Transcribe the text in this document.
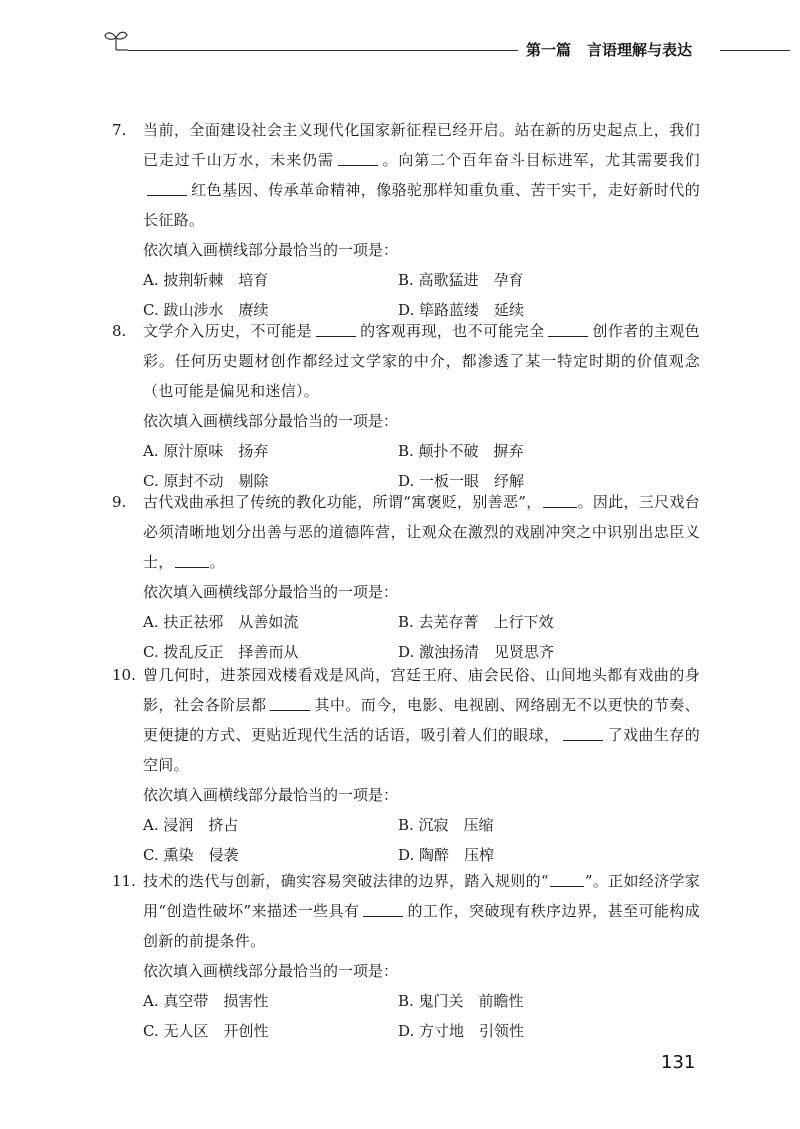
第一篇 言语理解与表达
7. 当前，全面建设社会主义现代化国家新征程已经开启。站在新的历史起点上，我们已走过千山万水，未来仍需	。向第二个百年奋斗目标进军，尤其需要我们红色基因、传承革命精神，像骆驼那样知重负重、苦干实干，走好新时代的长征路。
依次填入画横线部分最恰当的一项是：
A. 披荆斩棘　培育	B. 高歌猛进　孕育
C. 跋山涉水　赓续	D. 筚路蓝缕　延续
8. 文学介入历史，不可能是	的客观再现，也不可能完全	创作者的主观色彩。任何历史题材创作都经过文学家的中介，都渗透了某一特定时期的价值观念（也可能是偏见和迷信）。
依次填入画横线部分最恰当的一项是：
A. 原汁原味　扬弃	B. 颠扑不破　摒弃
C. 原封不动　剔除	D. 一板一眼　纾解
9. 古代戏曲承担了传统的教化功能，所谓“寓褒贬，别善恶”， 。因此，三尺戏台必须清晰地划分出善与恶的道德阵营，让观众在激烈的戏剧冲突之中识别出忠臣义士， 。
依次填入画横线部分最恰当的一项是：
A. 扶正祛邪　从善如流	B. 去芜存菁　上行下效
C. 拨乱反正　择善而从	D. 激浊扬清　见贤思齐
10. 曾几何时，进茶园戏楼看戏是风尚，宫廷王府、庙会民俗、山间地头都有戏曲的身影，社会各阶层都	其中。而今，电影、电视剧、网络剧无不以更快的节奏、更便捷的方式、更贴近现代生活的话语，吸引着人们的眼球，	了戏曲生存的空间。
依次填入画横线部分最恰当的一项是：
A. 浸润　挤占	B. 沉寂　压缩
C. 熏染　侵袭	D. 陶醉　压榨
11. 技术的迭代与创新，确实容易突破法律的边界，踏入规则的“ ”。正如经济学家用“创造性破坏”来描述一些具有	的工作，突破现有秩序边界，甚至可能构成创新的前提条件。
依次填入画横线部分最恰当的一项是：
A. 真空带　损害性	B. 鬼门关　前瞻性
C. 无人区　开创性	D. 方寸地　引领性
131
